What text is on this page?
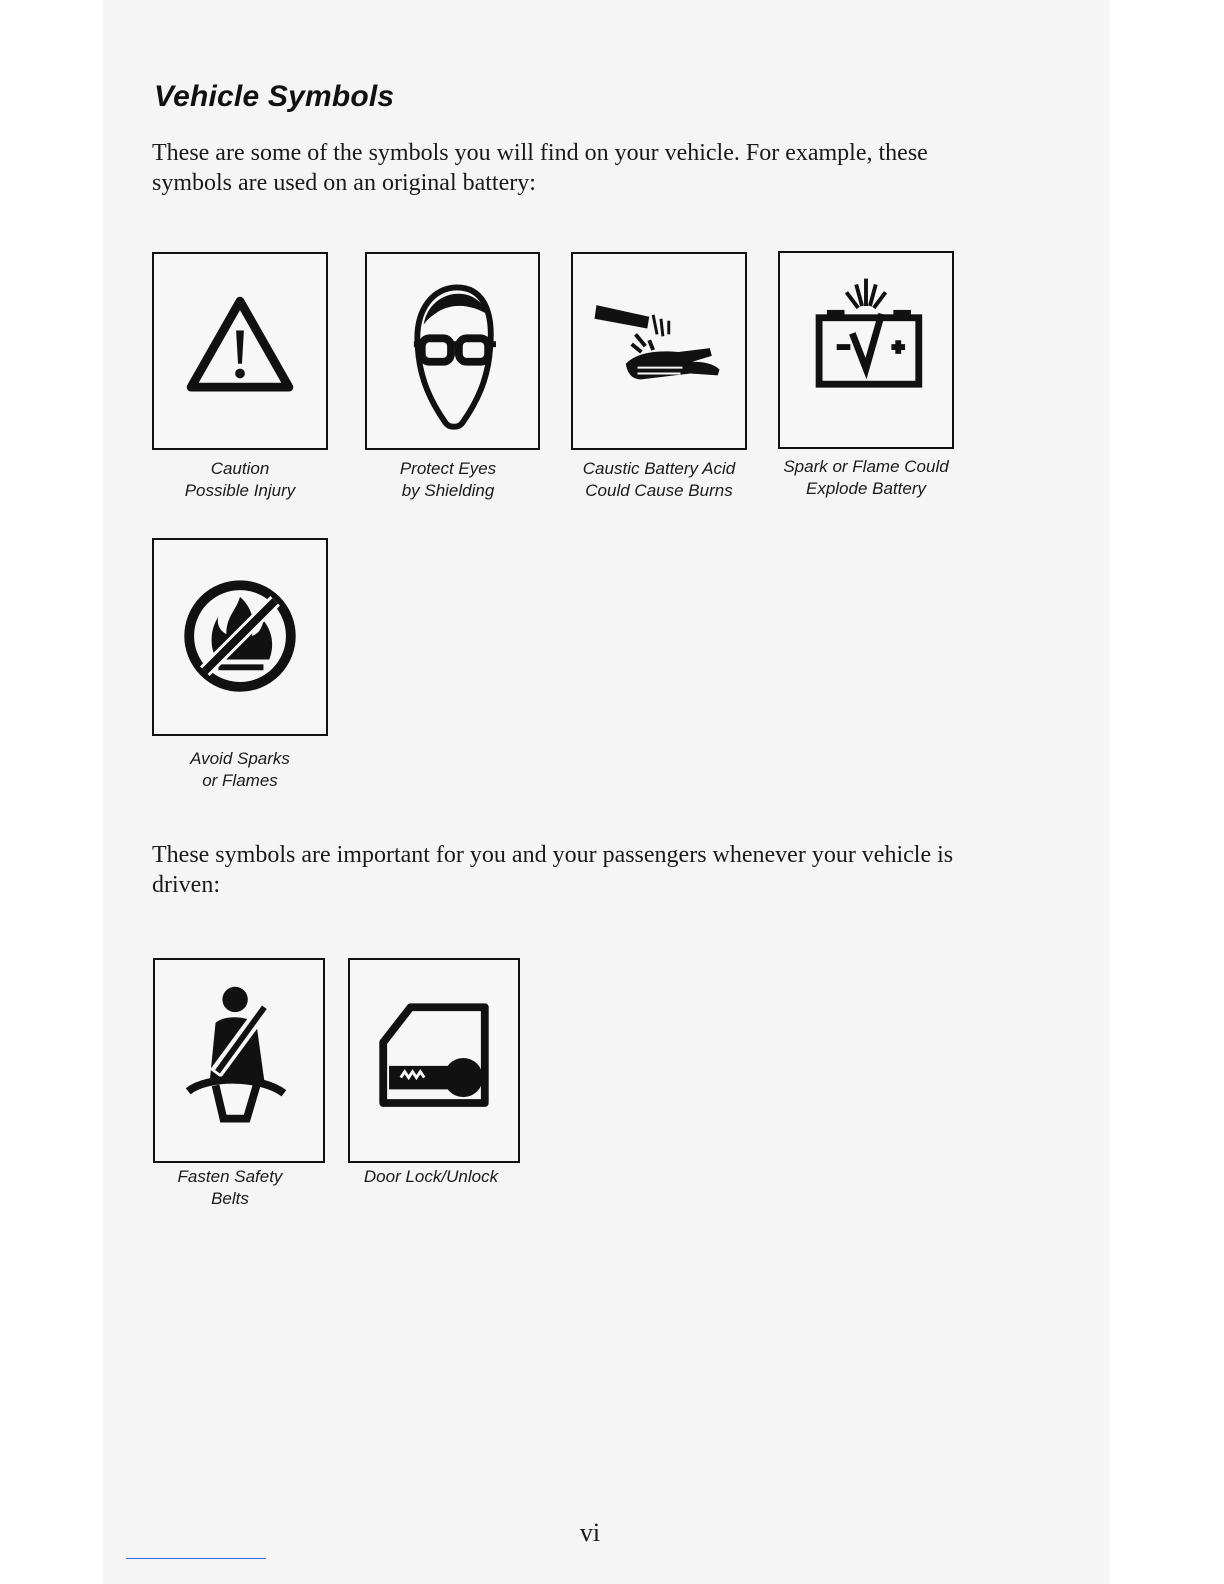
Vehicle Symbols

These are some of the symbols you will find on your vehicle. For example, these symbols are used on an original battery:

Caution
Possible Injury
Protect Eyes
by Shielding
Caustic Battery Acid
Could Cause Burns
Spark or Flame Could
Explode Battery
Avoid Sparks
or Flames

These symbols are important for you and your passengers whenever your vehicle is driven:

Fasten Safety
Belts
Door Lock/Unlock
vi
